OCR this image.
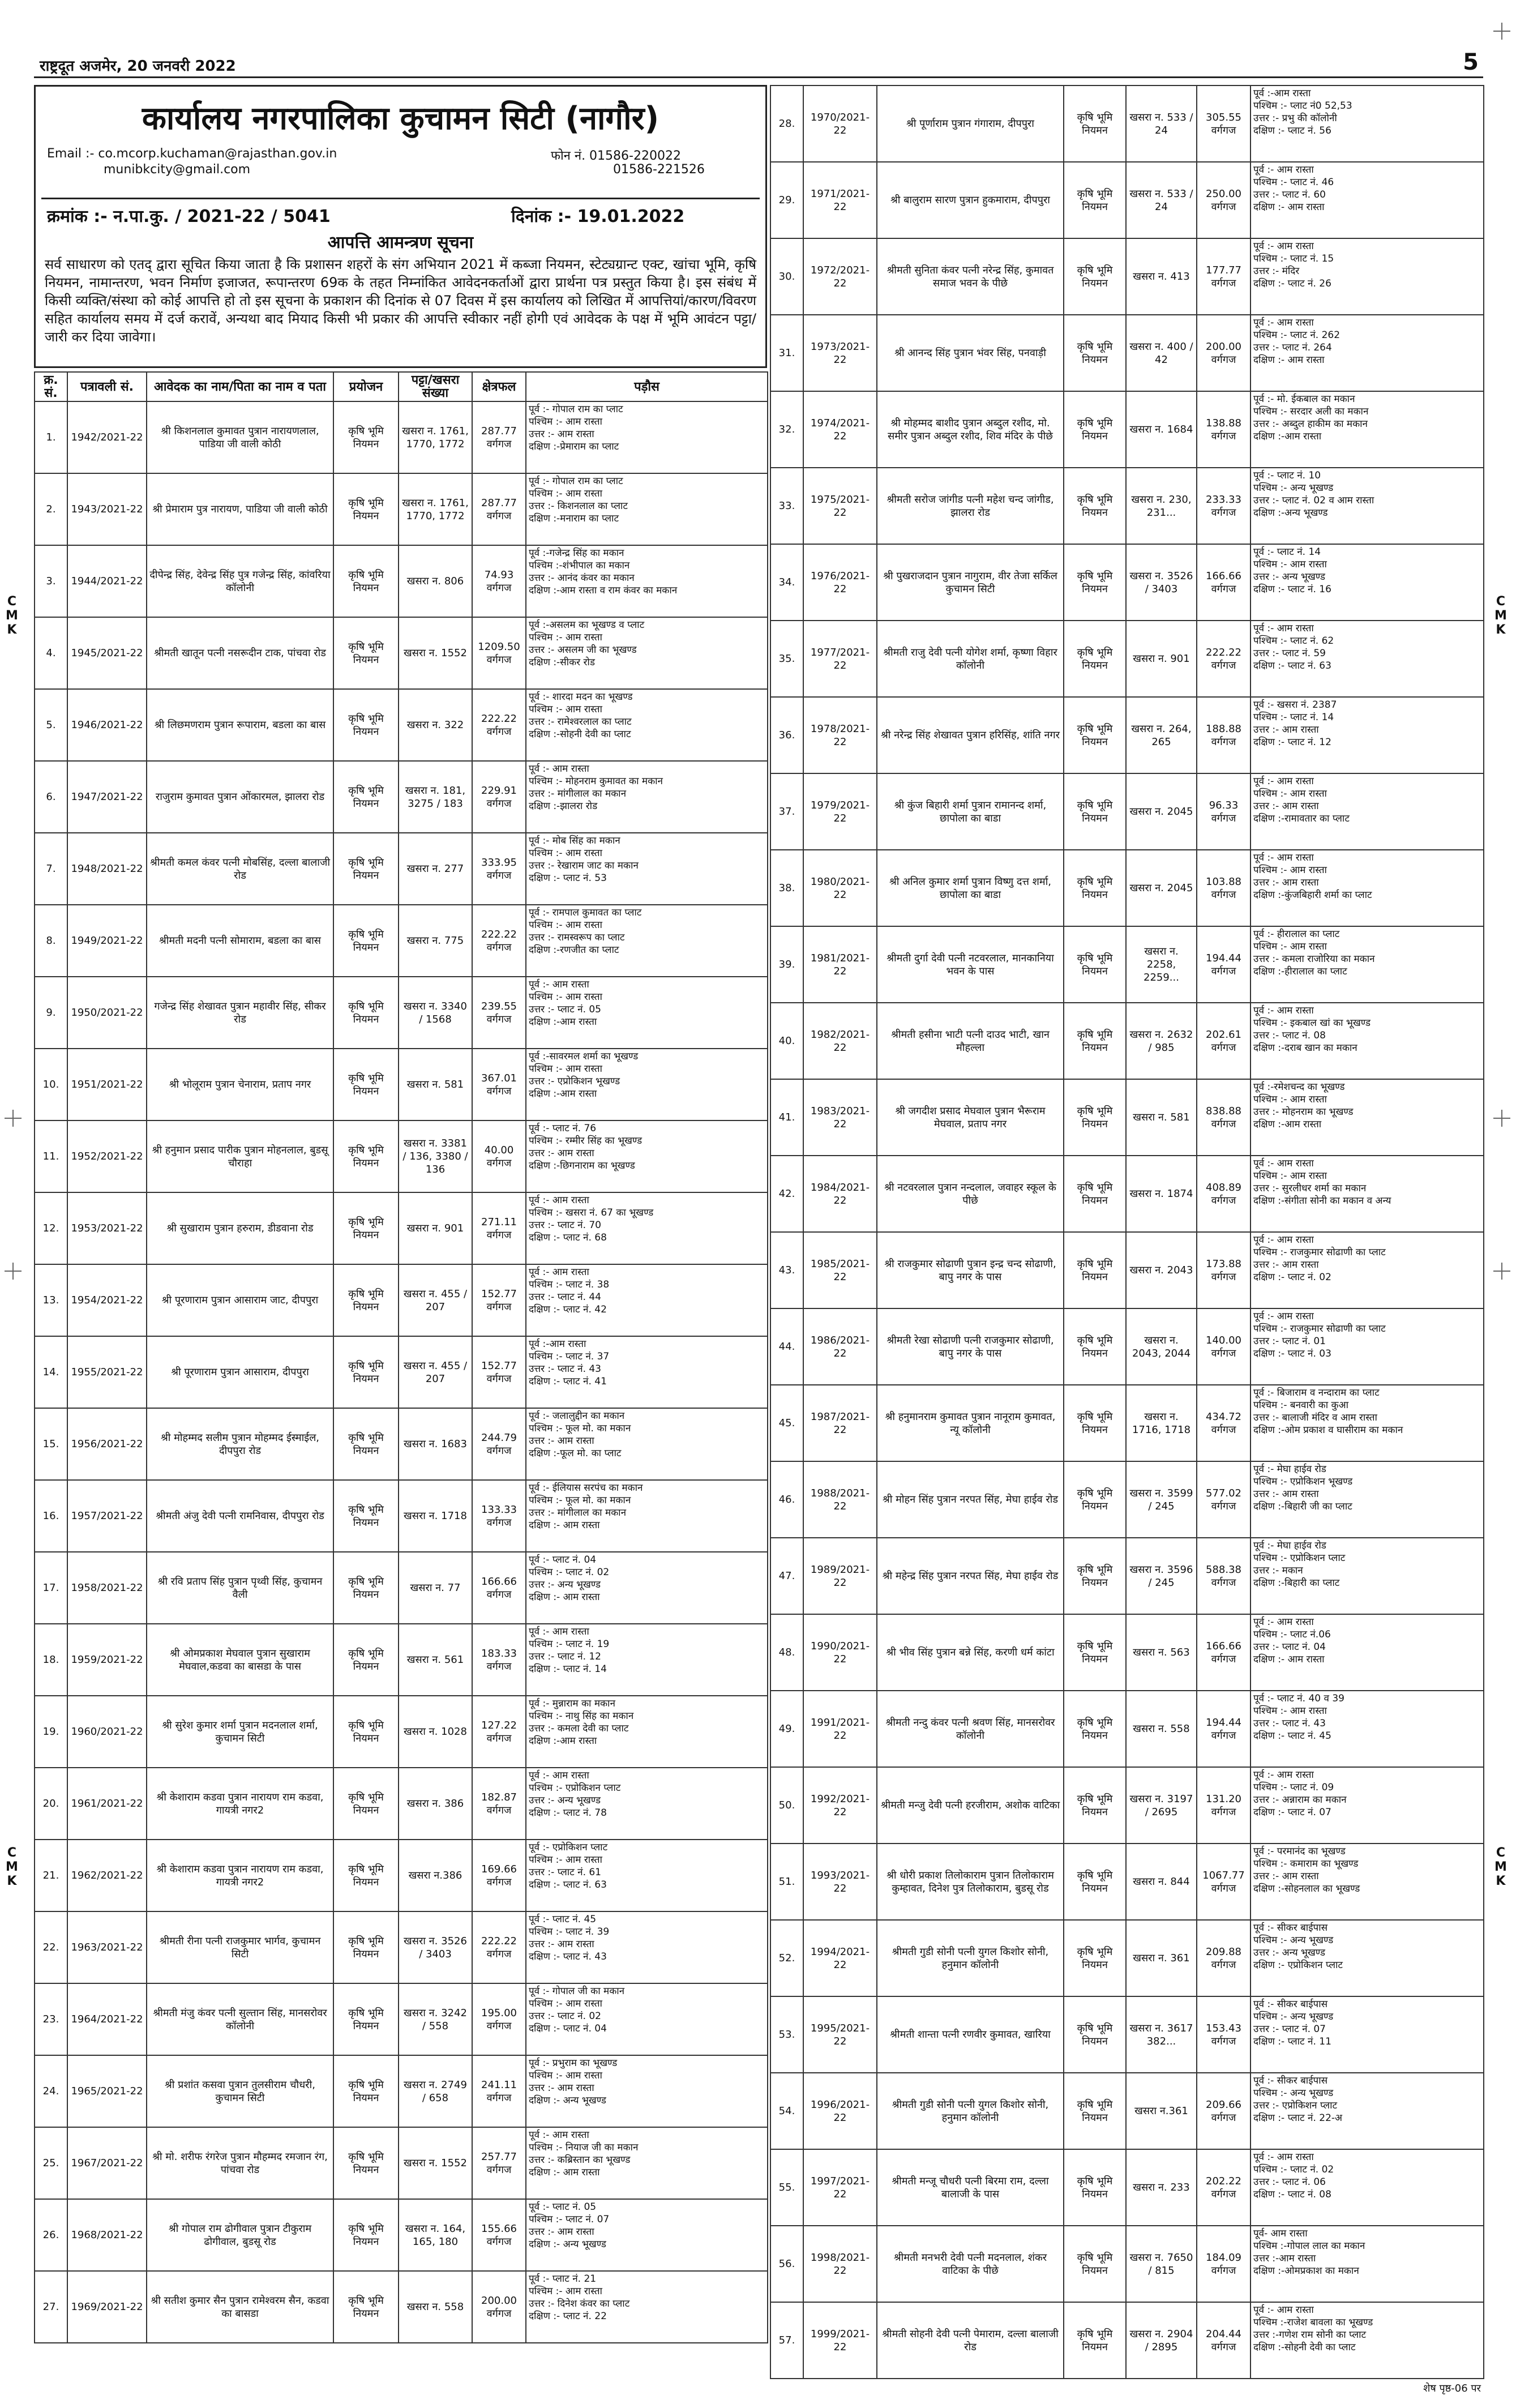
राष्ट्रदूत अजमेर, 20 जनवरी 2022	5
कार्यालय नगरपालिका कुचामन सिटी (नागौर)
Email :- co.mcorp.kuchaman@rajasthan.gov.in
munibkcity@gmail.com
फोन नं. 01586-220022
01586-221526
क्रमांक :- न.पा.कु. / 2021-22 / 5041	दिनांक :- 19.01.2022
आपत्ति आमन्त्रण सूचना
सर्व साधारण को एतद् द्वारा सूचित किया जाता है कि प्रशासन शहरों के संग अभियान 2021 में कब्जा नियमन, स्टेट्यग्रान्ट एक्ट, खांचा भूमि, कृषि नियमन, नामान्तरण, भवन निर्माण इजाजत, रूपान्तरण 69क के तहत निम्नांकित आवेदनकर्ताओं द्वारा प्रार्थना पत्र प्रस्तुत किया है। इस संबंध में किसी व्यक्ति/संस्था को कोई आपत्ति हो तो इस सूचना के प्रकाशन की दिनांक से 07 दिवस में इस कार्यालय को लिखित में आपत्तियां/कारण/विवरण सहित कार्यालय समय में दर्ज करावें, अन्यथा बाद मियाद किसी भी प्रकार की आपत्ति स्वीकार नहीं होगी एवं आवेदक के पक्ष में भूमि आवंटन पट्टा/जारी कर दिया जावेगा।
क्र. सं.	पत्रावली सं.	आवेदक का नाम/पिता का नाम व पता	प्रयोजन	पट्टा/खसरा संख्या	क्षेत्रफल	पड़ौस
1.	1942/2021-22	श्री किशनलाल कुमावत पुत्रान नारायणलाल, पाडिया जी वाली कोठी	कृषि भूमि नियमन	खसरा न. 1761, 1770, 1772	287.77 वर्गगज	पूर्व :- गोपाल राम का प्लाट
पश्चिम :- आम रास्ता
उत्तर :- आम रास्ता
दक्षिण :-प्रेमाराम का प्लाट
2.	1943/2021-22	श्री प्रेमाराम पुत्र नारायण, पाडिया जी वाली कोठी	कृषि भूमि नियमन	खसरा न. 1761, 1770, 1772	287.77 वर्गगज	पूर्व :- गोपाल राम का प्लाट
पश्चिम :- आम रास्ता
उत्तर :- किशनलाल का प्लाट
दक्षिण :-मनाराम का प्लाट
3.	1944/2021-22	दीपेन्द्र सिंह, देवेन्द्र सिंह पुत्र गजेन्द्र सिंह, कांवरिया कॉलोनी	कृषि भूमि नियमन	खसरा न. 806	74.93 वर्गगज	पूर्व :-गजेन्द्र सिंह का मकान
पश्चिम :-शंभीपाल का मकान
उत्तर :- आनंद कंवर का मकान
दक्षिण :-आम रास्ता व राम कंवर का मकान
4.	1945/2021-22	श्रीमती खातून पत्नी नसरूदीन टाक, पांचवा रोड	कृषि भूमि नियमन	खसरा न. 1552	1209.50 वर्गगज	पूर्व :-असलम का भूखण्ड व प्लाट
पश्चिम :- आम रास्ता
उत्तर :- असलम जी का भूखण्ड
दक्षिण :-सीकर रोड
5.	1946/2021-22	श्री लिछमणराम पुत्रान रूपाराम, बडला का बास	कृषि भूमि नियमन	खसरा न. 322	222.22 वर्गगज	पूर्व :- शारदा मदन का भूखण्ड
पश्चिम :- आम रास्ता
उत्तर :- रामेश्वरलाल का प्लाट
दक्षिण :-सोहनी देवी का प्लाट
6.	1947/2021-22	राजुराम कुमावत पुत्रान ओंकारमल, झालरा रोड	कृषि भूमि नियमन	खसरा न. 181, 3275 / 183	229.91 वर्गगज	पूर्व :- आम रास्ता
पश्चिम :- मोहनराम कुमावत का मकान
उत्तर :- मांगीलाल का मकान
दक्षिण :-झालरा रोड
7.	1948/2021-22	श्रीमती कमल कंवर पत्नी मोबसिंह, दल्ला बालाजी रोड	कृषि भूमि नियमन	खसरा न. 277	333.95 वर्गगज	पूर्व :- मोब सिंह का मकान
पश्चिम :- आम रास्ता
उत्तर :- रेखाराम जाट का मकान
दक्षिण :- प्लाट नं. 53
8.	1949/2021-22	श्रीमती मदनी पत्नी सोमाराम, बडला का बास	कृषि भूमि नियमन	खसरा न. 775	222.22 वर्गगज	पूर्व :- रामपाल कुमावत का प्लाट
पश्चिम :- आम रास्ता
उत्तर :- रामस्वरूप का प्लाट
दक्षिण :-रणजीत का प्लाट
9.	1950/2021-22	गजेन्द्र सिंह शेखावत पुत्रान महावीर सिंह, सीकर रोड	कृषि भूमि नियमन	खसरा न. 3340 / 1568	239.55 वर्गगज	पूर्व :- आम रास्ता
पश्चिम :- आम रास्ता
उत्तर :- प्लाट नं. 05
दक्षिण :-आम रास्ता
10.	1951/2021-22	श्री भोलूराम पुत्रान चेनाराम, प्रताप नगर	कृषि भूमि नियमन	खसरा न. 581	367.01 वर्गगज	पूर्व :-सावरमल शर्मा का भूखण्ड
पश्चिम :- आम रास्ता
उत्तर :- एप्रोकिशन भूखण्ड
दक्षिण :-आम रास्ता
11.	1952/2021-22	श्री हनुमान प्रसाद पारीक पुत्रान मोहनलाल, बुडसू चौराहा	कृषि भूमि नियमन	खसरा न. 3381 / 136, 3380 / 136	40.00 वर्गगज	पूर्व :- प्लाट नं. 76
पश्चिम :- रम्मीर सिंह का भूखण्ड
उत्तर :- आम रास्ता
दक्षिण :-छिगनाराम का भूखण्ड
12.	1953/2021-22	श्री सुखाराम पुत्रान हरुराम, डीडवाना रोड	कृषि भूमि नियमन	खसरा न. 901	271.11 वर्गगज	पूर्व :- आम रास्ता
पश्चिम :- खसरा नं. 67 का भूखण्ड
उत्तर :- प्लाट नं. 70
दक्षिण :- प्लाट नं. 68
13.	1954/2021-22	श्री पूरणाराम पुत्रान आसाराम जाट, दीपपुरा	कृषि भूमि नियमन	खसरा न. 455 / 207	152.77 वर्गगज	पूर्व :- आम रास्ता
पश्चिम :- प्लाट नं. 38
उत्तर :- प्लाट नं. 44
दक्षिण :- प्लाट नं. 42
14.	1955/2021-22	श्री पूरणाराम पुत्रान आसाराम, दीपपुरा	कृषि भूमि नियमन	खसरा न. 455 / 207	152.77 वर्गगज	पूर्व :-आम रास्ता
पश्चिम :- प्लाट नं. 37
उत्तर :- प्लाट नं. 43
दक्षिण :- प्लाट नं. 41
15.	1956/2021-22	श्री मोहम्मद सलीम पुत्रान मोहम्मद ईस्माईल, दीपपुरा रोड	कृषि भूमि नियमन	खसरा न. 1683	244.79 वर्गगज	पूर्व :- जलालुद्दीन का मकान
पश्चिम :- फूल मो. का मकान
उत्तर :- आम रास्ता
दक्षिण :-फूल मो. का प्लाट
16.	1957/2021-22	श्रीमती अंजु देवी पत्नी रामनिवास, दीपपुरा रोड	कृषि भूमि नियमन	खसरा न. 1718	133.33 वर्गगज	पूर्व :- ईलियास सरपंच का मकान
पश्चिम :- फूल मो. का मकान
उत्तर :- मांगीलाल का मकान
दक्षिण :- आम रास्ता
17.	1958/2021-22	श्री रवि प्रताप सिंह पुत्रान पृथ्वी सिंह, कुचामन वैली	कृषि भूमि नियमन	खसरा न. 77	166.66 वर्गगज	पूर्व :- प्लाट नं. 04
पश्चिम :- प्लाट नं. 02
उत्तर :- अन्य भूखण्ड
दक्षिण :- आम रास्ता
18.	1959/2021-22	श्री ओमप्रकाश मेघवाल पुत्रान सुखाराम मेघवाल,कडवा का बासडा के पास	कृषि भूमि नियमन	खसरा न. 561	183.33 वर्गगज	पूर्व :- आम रास्ता
पश्चिम :- प्लाट नं. 19
उत्तर :- प्लाट नं. 12
दक्षिण :- प्लाट नं. 14
19.	1960/2021-22	श्री सुरेश कुमार शर्मा पुत्रान मदनलाल शर्मा, कुचामन सिटी	कृषि भूमि नियमन	खसरा न. 1028	127.22 वर्गगज	पूर्व :- मुन्नाराम का मकान
पश्चिम :- नाथु सिंह का मकान
उत्तर :- कमला देवी का प्लाट
दक्षिण :-आम रास्ता
20.	1961/2021-22	श्री केशाराम कडवा पुत्रान नारायण राम कडवा, गायत्री नगर2	कृषि भूमि नियमन	खसरा न. 386	182.87 वर्गगज	पूर्व :- आम रास्ता
पश्चिम :- एप्रोकिशन प्लाट
उत्तर :- अन्य भूखण्ड
दक्षिण :- प्लाट नं. 78
21.	1962/2021-22	श्री केशाराम कडवा पुत्रान नारायण राम कडवा, गायत्री नगर2	कृषि भूमि नियमन	खसरा न.386	169.66 वर्गगज	पूर्व :- एप्रोकिशन प्लाट
पश्चिम :- आम रास्ता
उत्तर :- प्लाट नं. 61
दक्षिण :- प्लाट नं. 63
22.	1963/2021-22	श्रीमती रीना पत्नी राजकुमार भार्गव, कुचामन सिटी	कृषि भूमि नियमन	खसरा न. 3526 / 3403	222.22 वर्गगज	पूर्व :- प्लाट नं. 45
पश्चिम :- प्लाट नं. 39
उत्तर :- आम रास्ता
दक्षिण :- प्लाट नं. 43
23.	1964/2021-22	श्रीमती मंजु कंवर पत्नी सुल्तान सिंह, मानसरोवर कॉलोनी	कृषि भूमि नियमन	खसरा न. 3242 / 558	195.00 वर्गगज	पूर्व :- गोपाल जी का मकान
पश्चिम :- आम रास्ता
उत्तर :- प्लाट नं. 02
दक्षिण :- प्लाट नं. 04
24.	1965/2021-22	श्री प्रशांत कसवा पुत्रान तुलसीराम चौधरी, कुचामन सिटी	कृषि भूमि नियमन	खसरा न. 2749 / 658	241.11 वर्गगज	पूर्व :- प्रभुराम का भूखण्ड
पश्चिम :- आम रास्ता
उत्तर :- आम रास्ता
दक्षिण :- अन्य भूखण्ड
25.	1967/2021-22	श्री मो. शरीफ रंगरेज पुत्रान मौहम्मद रमजान रंग, पांचवा रोड	कृषि भूमि नियमन	खसरा न. 1552	257.77 वर्गगज	पूर्व :- आम रास्ता
पश्चिम :- नियाज जी का मकान
उत्तर :- कब्रिस्तान का भूखण्ड
दक्षिण :- आम रास्ता
26.	1968/2021-22	श्री गोपाल राम ढोगीवाल पुत्रान टीकुराम ढोगीवाल, बुडसू रोड	कृषि भूमि नियमन	खसरा न. 164, 165, 180	155.66 वर्गगज	पूर्व :- प्लाट नं. 05
पश्चिम :- प्लाट नं. 07
उत्तर :- आम रास्ता
दक्षिण :- अन्य भूखण्ड
27.	1969/2021-22	श्री सतीश कुमार सैन पुत्रान रामेश्वरम सैन, कडवा का बासडा	कृषि भूमि नियमन	खसरा न. 558	200.00 वर्गगज	पूर्व :- प्लाट नं. 21
पश्चिम :- आम रास्ता
उत्तर :- दिनेश कंवर का प्लाट
दक्षिण :- प्लाट नं. 22
28.	1970/2021-22	श्री पूर्णाराम पुत्रान गंगाराम, दीपपुरा	कृषि भूमि नियमन	खसरा न. 533 / 24	305.55 वर्गगज	पूर्व :-आम रास्ता
पश्चिम :- प्लाट नं0 52,53
उत्तर :- प्रभु की कॉलोनी
दक्षिण :- प्लाट नं. 56
29.	1971/2021-22	श्री बालुराम सारण पुत्रान हुकमाराम, दीपपुरा	कृषि भूमि नियमन	खसरा न. 533 / 24	250.00 वर्गगज	पूर्व :- आम रास्ता
पश्चिम :- प्लाट नं. 46
उत्तर :- प्लाट नं. 60
दक्षिण :- आम रास्ता
30.	1972/2021-22	श्रीमती सुनिता कंवर पत्नी नरेन्द्र सिंह, कुमावत समाज भवन के पीछे	कृषि भूमि नियमन	खसरा न. 413	177.77 वर्गगज	पूर्व :- आम रास्ता
पश्चिम :- प्लाट नं. 15
उत्तर :- मंदिर
दक्षिण :- प्लाट नं. 26
31.	1973/2021-22	श्री आनन्द सिंह पुत्रान भंवर सिंह, पनवाड़ी	कृषि भूमि नियमन	खसरा न. 400 / 42	200.00 वर्गगज	पूर्व :- आम रास्ता
पश्चिम :- प्लाट नं. 262
उत्तर :- प्लाट नं. 264
दक्षिण :- आम रास्ता
32.	1974/2021-22	श्री मोहम्मद बाशीद पुत्रान अब्दुल रशीद, मो. समीर पुत्रान अब्दुल रशीद, शिव मंदिर के पीछे	कृषि भूमि नियमन	खसरा न. 1684	138.88 वर्गगज	पूर्व :- मो. ईकबाल का मकान
पश्चिम :- सरदार अली का मकान
उत्तर :- अब्दुल हाकीम का मकान
दक्षिण :-आम रास्ता
33.	1975/2021-22	श्रीमती सरोज जांगीड पत्नी महेश चन्द जांगीड, झालरा रोड	कृषि भूमि नियमन	खसरा न. 230, 231...	233.33 वर्गगज	पूर्व :- प्लाट नं. 10
पश्चिम :- अन्य भूखण्ड
उत्तर :- प्लाट नं. 02 व आम रास्ता
दक्षिण :-अन्य भूखण्ड
34.	1976/2021-22	श्री पुखराजदान पुत्रान नागुराम, वीर तेजा सर्किल कुचामन सिटी	कृषि भूमि नियमन	खसरा न. 3526 / 3403	166.66 वर्गगज	पूर्व :- प्लाट नं. 14
पश्चिम :- आम रास्ता
उत्तर :- अन्य भूखण्ड
दक्षिण :- प्लाट नं. 16
35.	1977/2021-22	श्रीमती राजु देवी पत्नी योगेश शर्मा, कृष्णा विहार कॉलोनी	कृषि भूमि नियमन	खसरा न. 901	222.22 वर्गगज	पूर्व :- आम रास्ता
पश्चिम :- प्लाट नं. 62
उत्तर :- प्लाट नं. 59
दक्षिण :- प्लाट नं. 63
36.	1978/2021-22	श्री नरेन्द्र सिंह शेखावत पुत्रान हरिसिंह, शांति नगर	कृषि भूमि नियमन	खसरा न. 264, 265	188.88 वर्गगज	पूर्व :- खसरा नं. 2387
पश्चिम :- प्लाट नं. 14
उत्तर :- आम रास्ता
दक्षिण :- प्लाट नं. 12
37.	1979/2021-22	श्री कुंज बिहारी शर्मा पुत्रान रामानन्द शर्मा, छापोला का बाडा	कृषि भूमि नियमन	खसरा न. 2045	96.33 वर्गगज	पूर्व :- आम रास्ता
पश्चिम :- आम रास्ता
उत्तर :- आम रास्ता
दक्षिण :-रामावतार का प्लाट
38.	1980/2021-22	श्री अनिल कुमार शर्मा पुत्रान विष्णु दत्त शर्मा, छापोला का बाडा	कृषि भूमि नियमन	खसरा न. 2045	103.88 वर्गगज	पूर्व :- आम रास्ता
पश्चिम :- आम रास्ता
उत्तर :- आम रास्ता
दक्षिण :-कुंजबिहारी शर्मा का प्लाट
39.	1981/2021-22	श्रीमती दुर्गा देवी पत्नी नटवरलाल, मानकानिया भवन के पास	कृषि भूमि नियमन	खसरा न. 2258, 2259...	194.44 वर्गगज	पूर्व :- हीरालाल का प्लाट
पश्चिम :- आम रास्ता
उत्तर :- कमला राजोरिया का मकान
दक्षिण :-हीरालाल का प्लाट
40.	1982/2021-22	श्रीमती हसीना भाटी पत्नी दाउद भाटी, खान मौहल्ला	कृषि भूमि नियमन	खसरा न. 2632 / 985	202.61 वर्गगज	पूर्व :- आम रास्ता
पश्चिम :- इकबाल खां का भूखण्ड
उत्तर :- प्लाट नं. 08
दक्षिण :-दराब खान का मकान
41.	1983/2021-22	श्री जगदीश प्रसाद मेघवाल पुत्रान भैरूराम मेघवाल, प्रताप नगर	कृषि भूमि नियमन	खसरा न. 581	838.88 वर्गगज	पूर्व :-रमेशचन्द का भूखण्ड
पश्चिम :- आम रास्ता
उत्तर :- मोहनराम का भूखण्ड
दक्षिण :-आम रास्ता
42.	1984/2021-22	श्री नटवरलाल पुत्रान नन्दलाल, जवाहर स्कूल के पीछे	कृषि भूमि नियमन	खसरा न. 1874	408.89 वर्गगज	पूर्व :- आम रास्ता
पश्चिम :- आम रास्ता
उत्तर :- सुरलीधर शर्मा का मकान
दक्षिण :-संगीता सोनी का मकान व अन्य
43.	1985/2021-22	श्री राजकुमार सोढाणी पुत्रान इन्द्र चन्द सोढाणी, बापु नगर के पास	कृषि भूमि नियमन	खसरा न. 2043	173.88 वर्गगज	पूर्व :- आम रास्ता
पश्चिम :- राजकुमार सोढाणी का प्लाट
उत्तर :- आम रास्ता
दक्षिण :- प्लाट नं. 02
44.	1986/2021-22	श्रीमती रेखा सोढाणी पत्नी राजकुमार सोढाणी, बापु नगर के पास	कृषि भूमि नियमन	खसरा न. 2043, 2044	140.00 वर्गगज	पूर्व :- आम रास्ता
पश्चिम :- राजकुमार सोढाणी का प्लाट
उत्तर :- प्लाट नं. 01
दक्षिण :- प्लाट नं. 03
45.	1987/2021-22	श्री हनुमानराम कुमावत पुत्रान नानूराम कुमावत, न्यू कॉलोनी	कृषि भूमि नियमन	खसरा न. 1716, 1718	434.72 वर्गगज	पूर्व :- बिजाराम व नन्दाराम का प्लाट
पश्चिम :- बनवारी का कुआ
उत्तर :- बालाजी मंदिर व आम रास्ता
दक्षिण :-ओम प्रकाश व घासीराम का मकान
46.	1988/2021-22	श्री मोहन सिंह पुत्रान नरपत सिंह, मेघा हाईव रोड	कृषि भूमि नियमन	खसरा न. 3599 / 245	577.02 वर्गगज	पूर्व :- मेघा हाईव रोड
पश्चिम :- एप्रोकिशन भूखण्ड
उत्तर :- आम रास्ता
दक्षिण :-बिहारी जी का प्लाट
47.	1989/2021-22	श्री महेन्द्र सिंह पुत्रान नरपत सिंह, मेघा हाईव रोड	कृषि भूमि नियमन	खसरा न. 3596 / 245	588.38 वर्गगज	पूर्व :- मेघा हाईव रोड
पश्चिम :- एप्रोकिशन प्लाट
उत्तर :- मकान
दक्षिण :-बिहारी का प्लाट
48.	1990/2021-22	श्री भीव सिंह पुत्रान बन्ने सिंह, करणी धर्म कांटा	कृषि भूमि नियमन	खसरा न. 563	166.66 वर्गगज	पूर्व :- आम रास्ता
पश्चिम :- प्लाट नं.06
उत्तर :- प्लाट नं. 04
दक्षिण :- आम रास्ता
49.	1991/2021-22	श्रीमती नन्दु कंवर पत्नी श्रवण सिंह, मानसरोवर कॉलोनी	कृषि भूमि नियमन	खसरा न. 558	194.44 वर्गगज	पूर्व :- प्लाट नं. 40 व 39
पश्चिम :- आम रास्ता
उत्तर :- प्लाट नं. 43
दक्षिण :- प्लाट नं. 45
50.	1992/2021-22	श्रीमती मन्जु देवी पत्नी हरजीराम, अशोक वाटिका	कृषि भूमि नियमन	खसरा न. 3197 / 2695	131.20 वर्गगज	पूर्व :- आम रास्ता
पश्चिम :- प्लाट नं. 09
उत्तर :- अन्नाराम का मकान
दक्षिण :- प्लाट नं. 07
51.	1993/2021-22	श्री धोरी प्रकाश तिलोकाराम पुत्रान तिलोकाराम कुम्हावत, दिनेश पुत्र तिलोकाराम, बुडसू रोड	कृषि भूमि नियमन	खसरा न. 844	1067.77 वर्गगज	पूर्व :- परमानंद का भूखण्ड
पश्चिम :- कमाराम का भूखण्ड
उत्तर :- आम रास्ता
दक्षिण :-सोहनलाल का भूखण्ड
52.	1994/2021-22	श्रीमती गुडी सोनी पत्नी युगल किशोर सोनी, हनुमान कॉलोनी	कृषि भूमि नियमन	खसरा न. 361	209.88 वर्गगज	पूर्व :- सीकर बाईपास
पश्चिम :- अन्य भूखण्ड
उत्तर :- अन्य भूखण्ड
दक्षिण :- एप्रोकिशन प्लाट
53.	1995/2021-22	श्रीमती शान्ता पत्नी रणवीर कुमावत, खारिया	कृषि भूमि नियमन	खसरा न. 3617 382...	153.43 वर्गगज	पूर्व :- सीकर बाईपास
पश्चिम :- अन्य भूखण्ड
उत्तर :- प्लाट नं. 07
दक्षिण :- प्लाट नं. 11
54.	1996/2021-22	श्रीमती गुडी सोनी पत्नी युगल किशोर सोनी, हनुमान कॉलोनी	कृषि भूमि नियमन	खसरा न.361	209.66 वर्गगज	पूर्व :- सीकर बाईपास
पश्चिम :- अन्य भूखण्ड
उत्तर :- एप्रोकिशन प्लाट
दक्षिण :- प्लाट नं. 22-अ
55.	1997/2021-22	श्रीमती मन्जू चौधरी पत्नी बिरमा राम, दल्ला बालाजी के पास	कृषि भूमि नियमन	खसरा न. 233	202.22 वर्गगज	पूर्व :- आम रास्ता
पश्चिम :- प्लाट नं. 02
उत्तर :- प्लाट नं. 06
दक्षिण :- प्लाट नं. 08
56.	1998/2021-22	श्रीमती मनभरी देवी पत्नी मदनलाल, शंकर वाटिका के पीछे	कृषि भूमि नियमन	खसरा न. 7650 / 815	184.09 वर्गगज	पूर्व- आम रास्ता
पश्चिम :-गोपाल लाल का मकान
उत्तर :-आम रास्ता
दक्षिण :-ओमप्रकाश का मकान
57.	1999/2021-22	श्रीमती सोहनी देवी पत्नी पेमाराम, दल्ला बालाजी रोड	कृषि भूमि नियमन	खसरा न. 2904 / 2895	204.44 वर्गगज	पूर्व :- आम रास्ता
पश्चिम :-राजेश बावला का भूखण्ड
उत्तर :-गणेश राम सोनी का प्लाट
दक्षिण :-सोहनी देवी का प्लाट
शेष पृष्ठ-06 पर
C
M
K
C
M
K
C
M
K
C
M
K
